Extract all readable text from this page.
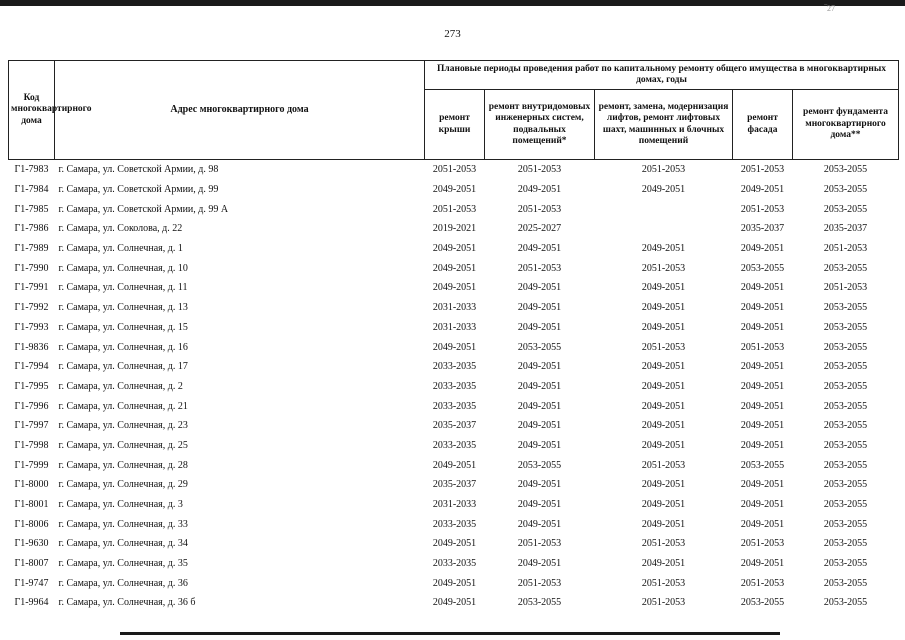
‾27
273
Код многоквартирного дома	Адрес многоквартирного дома	Плановые периоды проведения работ по капитальному ремонту общего имущества в многоквартирных домах, годы				
		ремонт крыши	ремонт внутридомовых инженерных систем, подвальных помещений*	ремонт, замена, модернизация лифтов, ремонт лифтовых шахт, машинных и блочных помещений	ремонт фасада	ремонт фундамента многоквартирного дома**
Г1-7983	г. Самара, ул. Советской Армии, д. 98	2051-2053	2051-2053	2051-2053	2051-2053	2053-2055
Г1-7984	г. Самара, ул. Советской Армии, д. 99	2049-2051	2049-2051	2049-2051	2049-2051	2053-2055
Г1-7985	г. Самара, ул. Советской Армии, д. 99 А	2051-2053	2051-2053		2051-2053	2053-2055
Г1-7986	г. Самара, ул. Соколова, д. 22	2019-2021	2025-2027		2035-2037	2035-2037
Г1-7989	г. Самара, ул. Солнечная, д. 1	2049-2051	2049-2051	2049-2051	2049-2051	2051-2053
Г1-7990	г. Самара, ул. Солнечная, д. 10	2049-2051	2051-2053	2051-2053	2053-2055	2053-2055
Г1-7991	г. Самара, ул. Солнечная, д. 11	2049-2051	2049-2051	2049-2051	2049-2051	2051-2053
Г1-7992	г. Самара, ул. Солнечная, д. 13	2031-2033	2049-2051	2049-2051	2049-2051	2053-2055
Г1-7993	г. Самара, ул. Солнечная, д. 15	2031-2033	2049-2051	2049-2051	2049-2051	2053-2055
Г1-9836	г. Самара, ул. Солнечная, д. 16	2049-2051	2053-2055	2051-2053	2051-2053	2053-2055
Г1-7994	г. Самара, ул. Солнечная, д. 17	2033-2035	2049-2051	2049-2051	2049-2051	2053-2055
Г1-7995	г. Самара, ул. Солнечная, д. 2	2033-2035	2049-2051	2049-2051	2049-2051	2053-2055
Г1-7996	г. Самара, ул. Солнечная, д. 21	2033-2035	2049-2051	2049-2051	2049-2051	2053-2055
Г1-7997	г. Самара, ул. Солнечная, д. 23	2035-2037	2049-2051	2049-2051	2049-2051	2053-2055
Г1-7998	г. Самара, ул. Солнечная, д. 25	2033-2035	2049-2051	2049-2051	2049-2051	2053-2055
Г1-7999	г. Самара, ул. Солнечная, д. 28	2049-2051	2053-2055	2051-2053	2053-2055	2053-2055
Г1-8000	г. Самара, ул. Солнечная, д. 29	2035-2037	2049-2051	2049-2051	2049-2051	2053-2055
Г1-8001	г. Самара, ул. Солнечная, д. 3	2031-2033	2049-2051	2049-2051	2049-2051	2053-2055
Г1-8006	г. Самара, ул. Солнечная, д. 33	2033-2035	2049-2051	2049-2051	2049-2051	2053-2055
Г1-9630	г. Самара, ул. Солнечная, д. 34	2049-2051	2051-2053	2051-2053	2051-2053	2053-2055
Г1-8007	г. Самара, ул. Солнечная, д. 35	2033-2035	2049-2051	2049-2051	2049-2051	2053-2055
Г1-9747	г. Самара, ул. Солнечная, д. 36	2049-2051	2051-2053	2051-2053	2051-2053	2053-2055
Г1-9964	г. Самара, ул. Солнечная, д. 36 б	2049-2051	2053-2055	2051-2053	2053-2055	2053-2055
